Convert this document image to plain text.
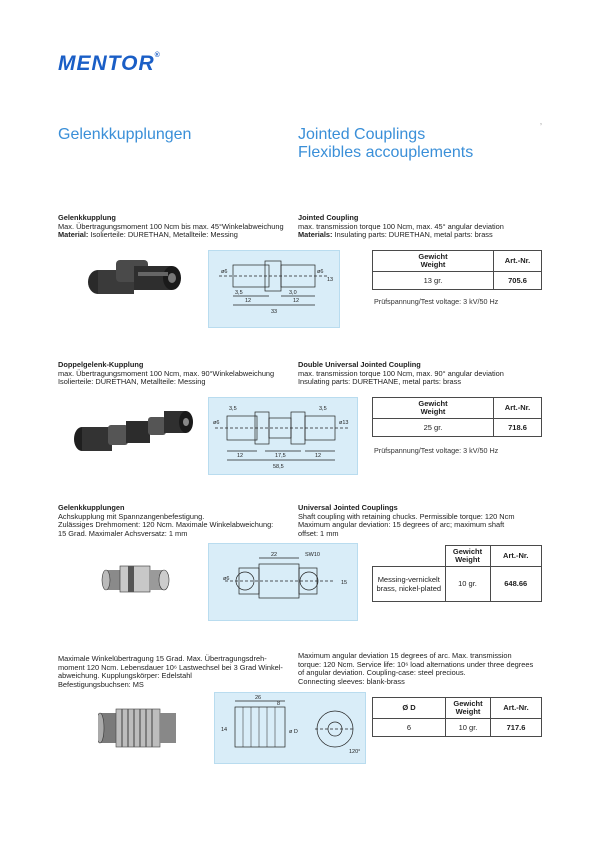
MENTOR®
Gelenkkupplungen	Jointed Couplings
Flexibles accouplements
ʼ
Gelenkkupplung
Max. Übertragungsmoment 100 Ncm bis max. 45°Winkelabweichung
Material: Isolierteile: DURETHAN, Metallteile: Messing
Jointed Coupling
max. transmission torque 100 Ncm, max. 45° angular deviation
Materials: Insulating parts: DURETHAN, metal parts: brass
3,5
12	12
3,0
33
ø6	ø6
13
Gewicht
Weight	Art.-Nr.
13 gr.	705.6
Prüfspannung/Test voltage: 3 kV/50 Hz
Doppelgelenk-Kupplung
max. Übertragungsmoment 100 Ncm, max. 90°Winkelabweichung
Isolierteile: DURETHAN, Metallteile: Messing
Double Universal Jointed Coupling
max. transmission torque 100 Ncm, max. 90° angular deviation
Insulating parts: DURETHANE, metal parts: brass
3,5	3,5
12	17,5	12
58,5
ø6	ø13
Gewicht
Weight	Art.-Nr.
25 gr.	718.6
Prüfspannung/Test voltage: 3 kV/50 Hz
Gelenkkupplungen
Achskupplung mit Spannzangenbefestigung.
Zulässiges Drehmoment: 120 Ncm. Maximale Winkelabweichung:
15 Grad. Maximaler Achsversatz: 1 mm
Universal Jointed Couplings
Shaft coupling with retaining chucks. Permissible torque: 120 Ncm
Maximum angular deviation: 15 degrees of arc; maximum shaft
offset: 1 mm
22	SW10
ø6
15
	Gewicht
Weight	Art.-Nr.
Messing-vernickelt
brass, nickel-plated	10 gr.	648.66
Maximale Winkelübertragung 15 Grad. Max. Übertragungsdreh-
moment 120 Ncm. Lebensdauer 10⁶ Lastwechsel bei 3 Grad Winkel-
abweichung. Kupplungskörper: Edelstahl
Befestigungsbuchsen: MS
Maximum angular deviation 15 degrees of arc. Max. transmission
torque: 120 Ncm. Service life: 10⁶ load alternations under three degrees
of angular deviation. Coupling-case: steel precious.
Connecting sleeves: blank-brass
26
8
14	ø D
120°
Ø D	Gewicht
Weight	Art.-Nr.
6	10 gr.	717.6
